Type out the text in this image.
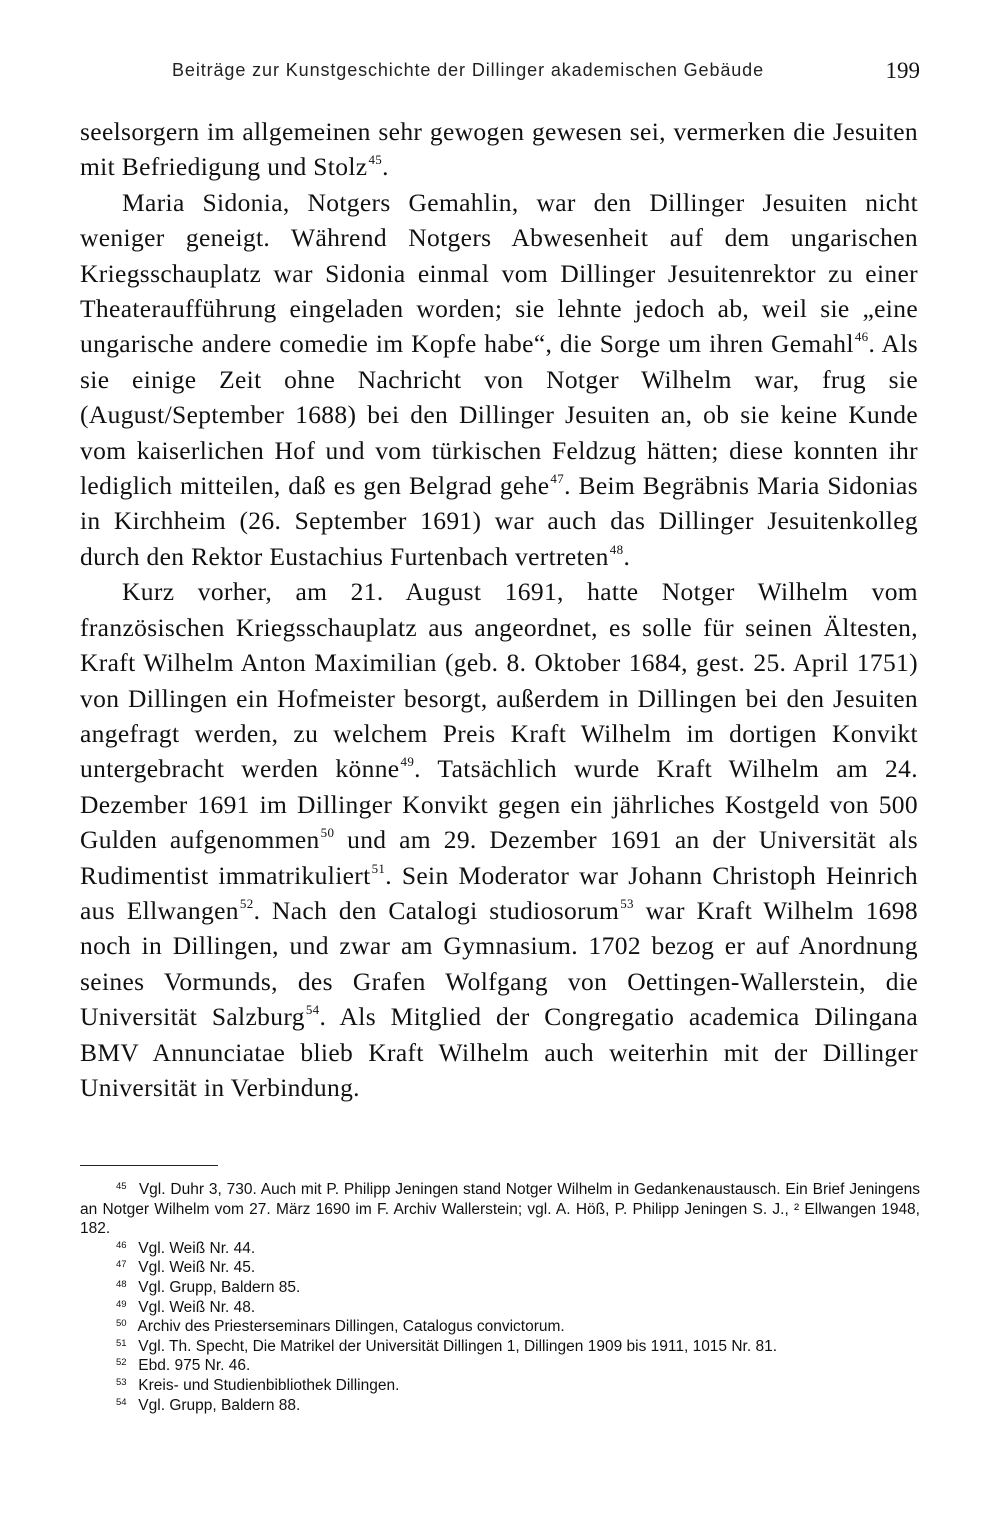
Beiträge zur Kunstgeschichte der Dillinger akademischen Gebäude	199

seelsorgern im allgemeinen sehr gewogen gewesen sei, vermerken die Jesuiten mit Befriedigung und Stolz$^{45}$.

Maria Sidonia, Notgers Gemahlin, war den Dillinger Jesuiten nicht weniger geneigt. Während Notgers Abwesenheit auf dem ungarischen Kriegsschauplatz war Sidonia einmal vom Dillinger Jesuitenrektor zu einer Theateraufführung eingeladen worden; sie lehnte jedoch ab, weil sie „eine ungarische andere comedie im Kopfe habe“, die Sorge um ihren Gemahl$^{46}$. Als sie einige Zeit ohne Nachricht von Notger Wilhelm war, frug sie (August/September 1688) bei den Dillinger Jesuiten an, ob sie keine Kunde vom kaiserlichen Hof und vom türkischen Feldzug hätten; diese konnten ihr lediglich mitteilen, daß es gen Belgrad gehe$^{47}$. Beim Begräbnis Maria Sidonias in Kirchheim (26. September 1691) war auch das Dillinger Jesuitenkolleg durch den Rektor Eustachius Furtenbach vertreten$^{48}$.

Kurz vorher, am 21. August 1691, hatte Notger Wilhelm vom französischen Kriegsschauplatz aus angeordnet, es solle für seinen Ältesten, Kraft Wilhelm Anton Maximilian (geb. 8. Oktober 1684, gest. 25. April 1751) von Dillingen ein Hofmeister besorgt, außerdem in Dillingen bei den Jesuiten angefragt werden, zu welchem Preis Kraft Wilhelm im dortigen Konvikt untergebracht werden könne$^{49}$. Tatsächlich wurde Kraft Wilhelm am 24. Dezember 1691 im Dillinger Konvikt gegen ein jährliches Kostgeld von 500 Gulden aufgenommen$^{50}$ und am 29. Dezember 1691 an der Universität als Rudimentist immatrikuliert$^{51}$. Sein Moderator war Johann Christoph Heinrich aus Ellwangen$^{52}$. Nach den Catalogi studiosorum$^{53}$ war Kraft Wilhelm 1698 noch in Dillingen, und zwar am Gymnasium. 1702 bezog er auf Anordnung seines Vormunds, des Grafen Wolfgang von Oettingen-Wallerstein, die Universität Salzburg$^{54}$. Als Mitglied der Congregatio academica Dilingana BMV Annunciatae blieb Kraft Wilhelm auch weiterhin mit der Dillinger Universität in Verbindung.

45 Vgl. Duhr 3, 730. Auch mit P. Philipp Jeningen stand Notger Wilhelm in Gedankenaustausch. Ein Brief Jeningens an Notger Wilhelm vom 27. März 1690 im F. Archiv Wallerstein; vgl. A. Höß, P. Philipp Jeningen S. J., ² Ellwangen 1948, 182.

46 Vgl. Weiß Nr. 44.

47 Vgl. Weiß Nr. 45.

48 Vgl. Grupp, Baldern 85.

49 Vgl. Weiß Nr. 48.

50 Archiv des Priesterseminars Dillingen, Catalogus convictorum.

51 Vgl. Th. Specht, Die Matrikel der Universität Dillingen 1, Dillingen 1909 bis 1911, 1015 Nr. 81.

52 Ebd. 975 Nr. 46.

53 Kreis- und Studienbibliothek Dillingen.

54 Vgl. Grupp, Baldern 88.
